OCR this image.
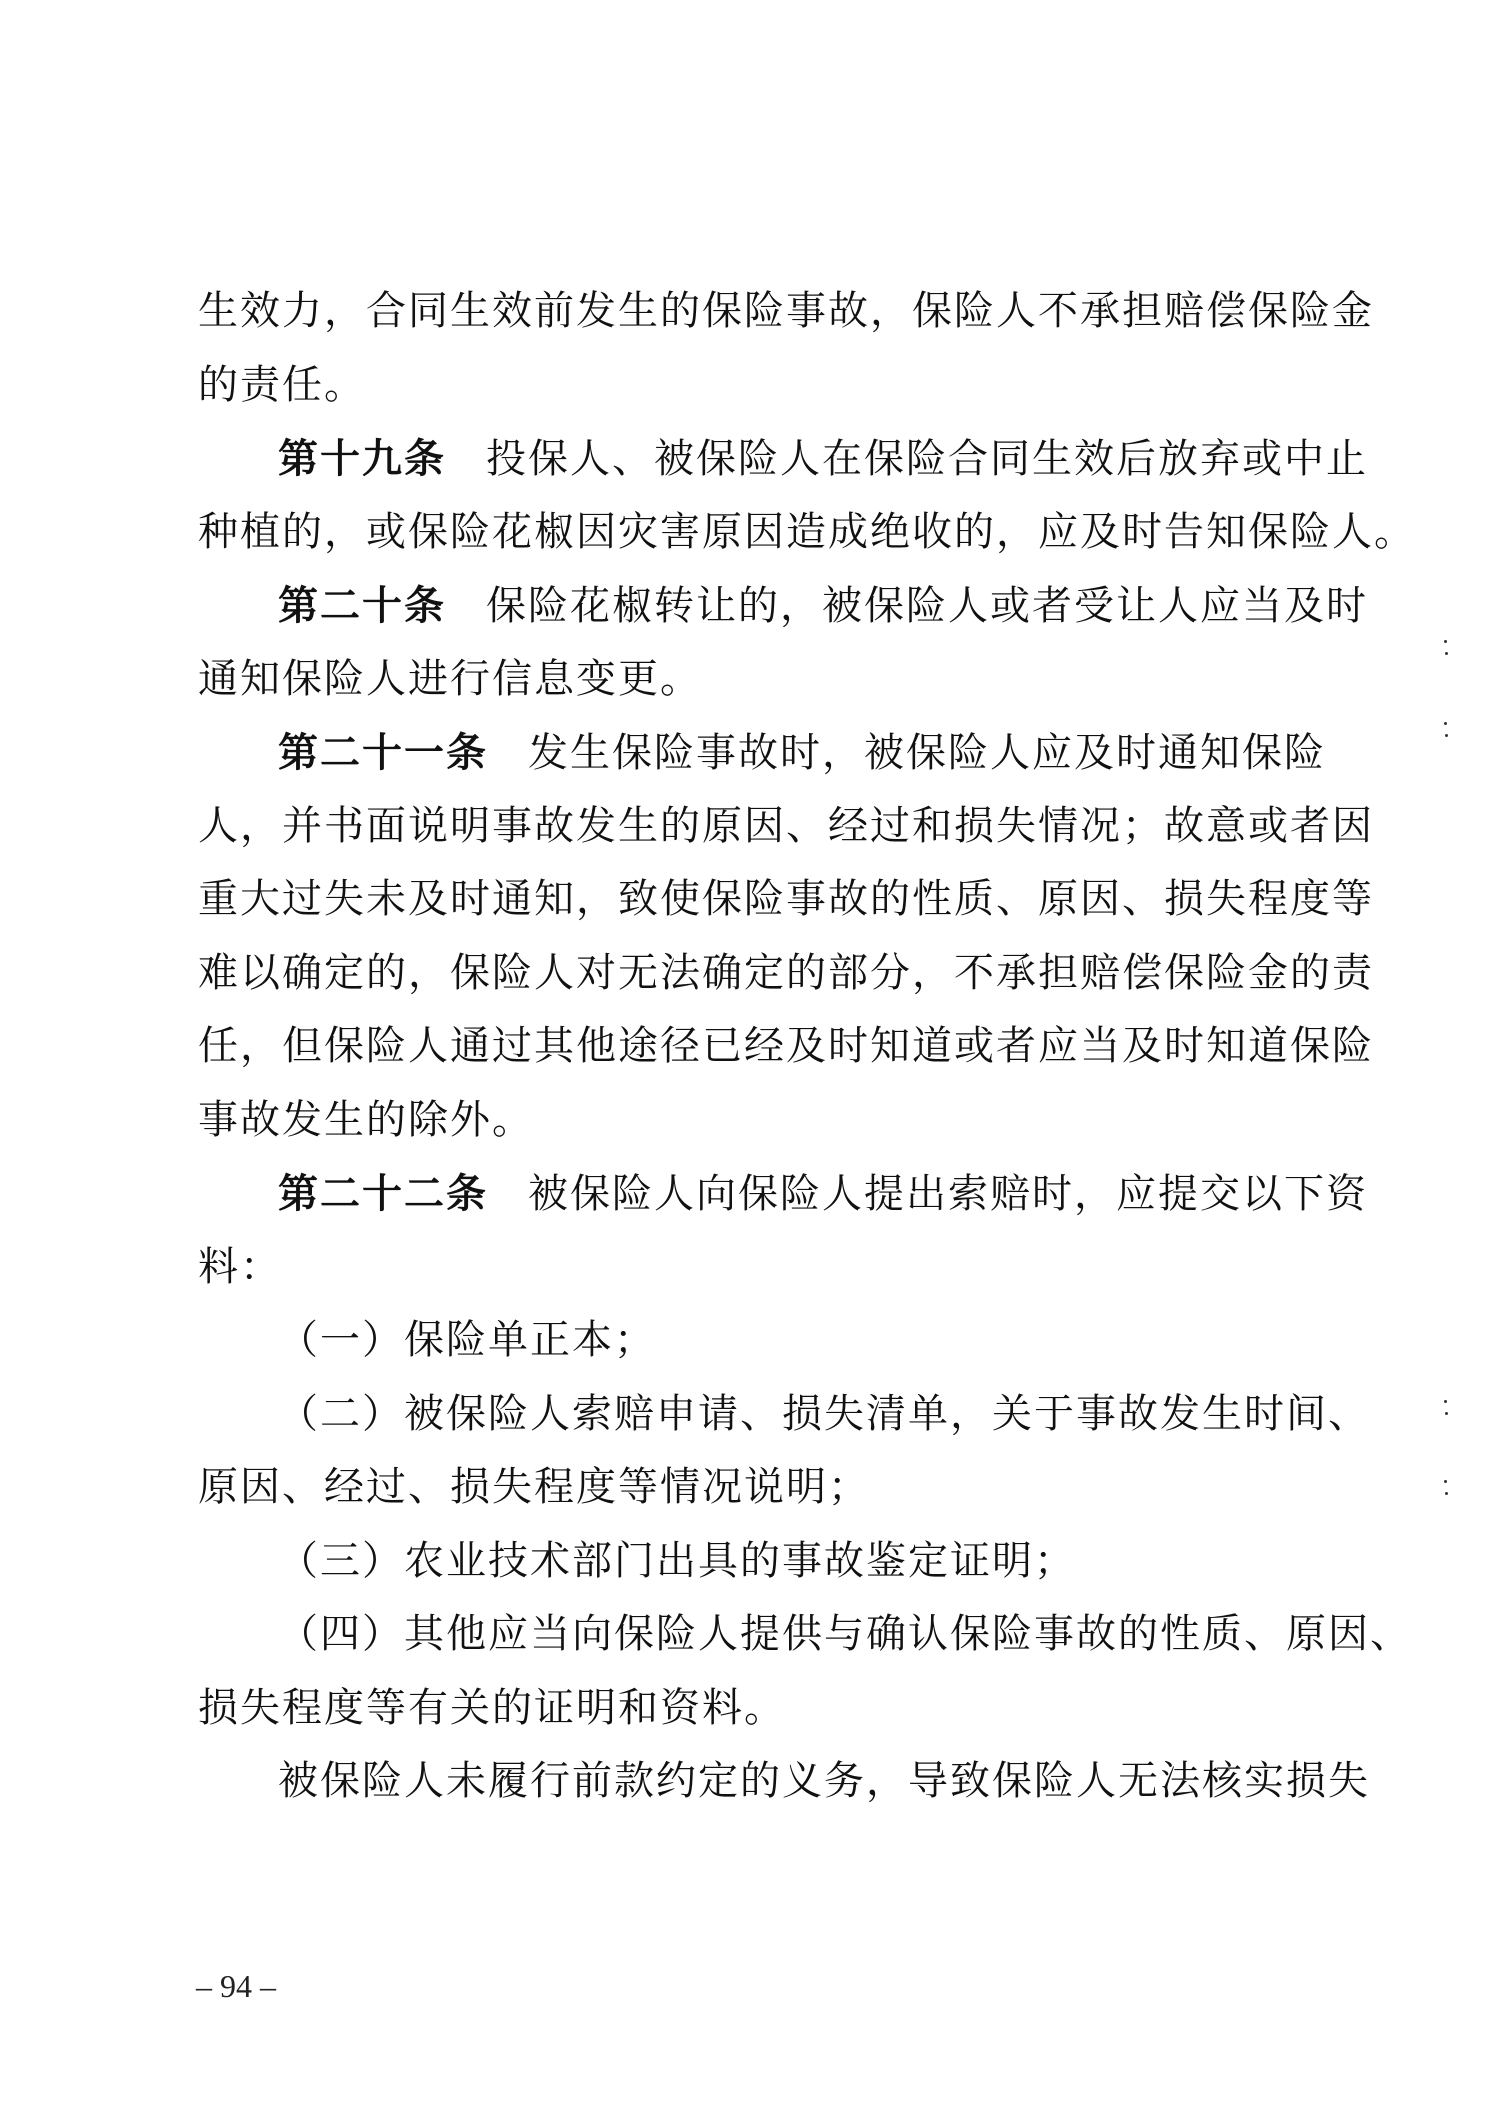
生效力，合同生效前发生的保险事故，保险人不承担赔偿保险金
的责任。
第十九条 投保人、被保险人在保险合同生效后放弃或中止
种植的，或保险花椒因灾害原因造成绝收的，应及时告知保险人。
第二十条 保险花椒转让的，被保险人或者受让人应当及时
通知保险人进行信息变更。
第二十一条 发生保险事故时，被保险人应及时通知保险
人，并书面说明事故发生的原因、经过和损失情况；故意或者因
重大过失未及时通知，致使保险事故的性质、原因、损失程度等
难以确定的，保险人对无法确定的部分，不承担赔偿保险金的责
任，但保险人通过其他途径已经及时知道或者应当及时知道保险
事故发生的除外。
第二十二条 被保险人向保险人提出索赔时，应提交以下资
料：
（一）保险单正本；
（二）被保险人索赔申请、损失清单，关于事故发生时间、
原因、经过、损失程度等情况说明；
（三）农业技术部门出具的事故鉴定证明；
（四）其他应当向保险人提供与确认保险事故的性质、原因、
损失程度等有关的证明和资料。
被保险人未履行前款约定的义务，导致保险人无法核实损失
– 94 –
